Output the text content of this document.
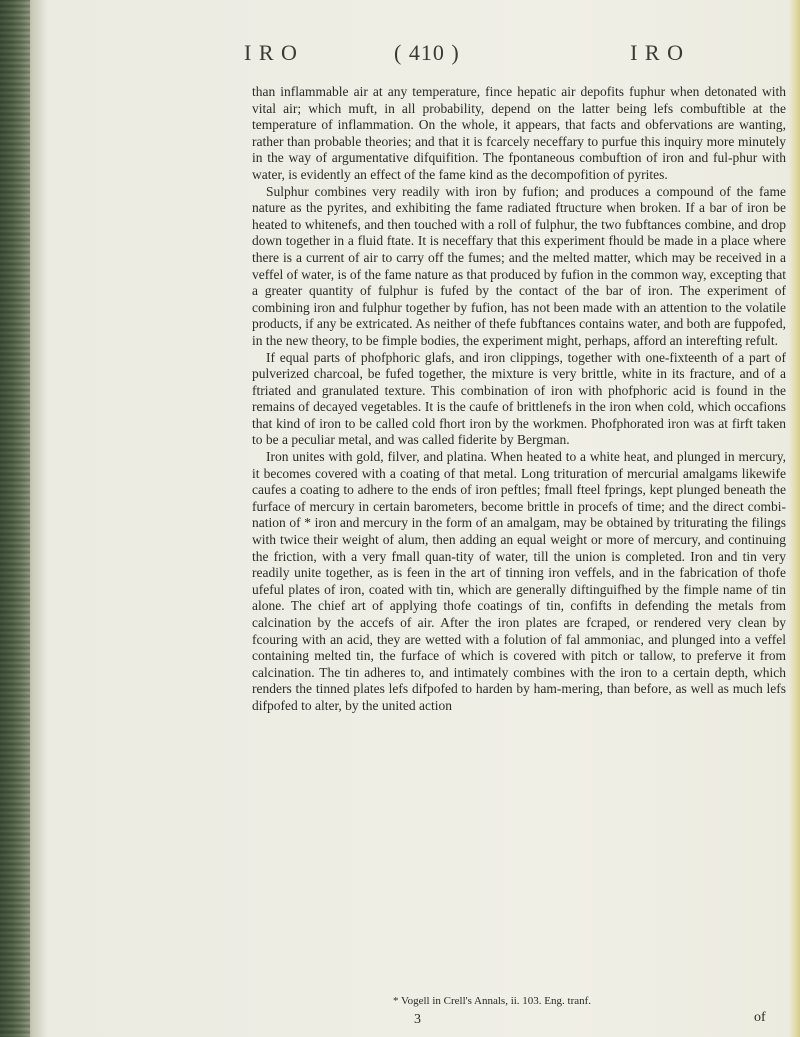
I R O	( 410 )	I R O

than inflammable air at any temperature, fince hepatic air depofits fuphur when detonated with vital air; which muft, in all probability, depend on the latter being lefs combuftible at the temperature of inflammation. On the whole, it appears, that facts and obfervations are wanting, rather than probable theories; and that it is fcarcely neceffary to purfue this inquiry more minutely in the way of argumentative difquifition. The fpontaneous combuftion of iron and ful-phur with water, is evidently an effect of the fame kind as the decompofition of pyrites.

Sulphur combines very readily with iron by fufion; and produces a compound of the fame nature as the pyrites, and exhibiting the fame radiated ftructure when broken. If a bar of iron be heated to whitenefs, and then touched with a roll of fulphur, the two fubftances combine, and drop down together in a fluid ftate. It is neceffary that this experiment fhould be made in a place where there is a current of air to carry off the fumes; and the melted matter, which may be received in a veffel of water, is of the fame nature as that produced by fufion in the common way, excepting that a greater quantity of fulphur is fufed by the contact of the bar of iron. The experiment of combining iron and fulphur together by fufion, has not been made with an attention to the volatile products, if any be extricated. As neither of thefe fubftances contains water, and both are fuppofed, in the new theory, to be fimple bodies, the experiment might, perhaps, afford an interefting refult.

If equal parts of phofphoric glafs, and iron clippings, together with one-fixteenth of a part of pulverized charcoal, be fufed together, the mixture is very brittle, white in its fracture, and of a ftriated and granulated texture. This combination of iron with phofphoric acid is found in the remains of decayed vegetables. It is the caufe of brittlenefs in the iron when cold, which occafions that kind of iron to be called cold fhort iron by the workmen. Phofphorated iron was at firft taken to be a peculiar metal, and was called fiderite by Bergman.

Iron unites with gold, filver, and platina. When heated to a white heat, and plunged in mercury, it becomes covered with a coating of that metal. Long trituration of mercurial amalgams likewife caufes a coating to adhere to the ends of iron peftles; fmall fteel fprings, kept plunged beneath the furface of mercury in certain barometers, become brittle in procefs of time; and the direct combi-nation of * iron and mercury in the form of an amalgam, may be obtained by triturating the filings with twice their weight of alum, then adding an equal weight or more of mercury, and continuing the friction, with a very fmall quan-tity of water, till the union is completed. Iron and tin very readily unite together, as is feen in the art of tinning iron veffels, and in the fabrication of thofe ufeful plates of iron, coated with tin, which are generally diftinguifhed by the fimple name of tin alone. The chief art of applying thofe coatings of tin, confifts in defending the metals from calcination by the accefs of air. After the iron plates are fcraped, or rendered very clean by fcouring with an acid, they are wetted with a folution of fal ammoniac, and plunged into a veffel containing melted tin, the furface of which is covered with pitch or tallow, to preferve it from calcination. The tin adheres to, and intimately combines with the iron to a certain depth, which renders the tinned plates lefs difpofed to harden by ham-mering, than before, as well as much lefs difpofed to alter, by the united action

* Vogell in Crell's Annals, ii. 103. Eng. tranf.
3	of
